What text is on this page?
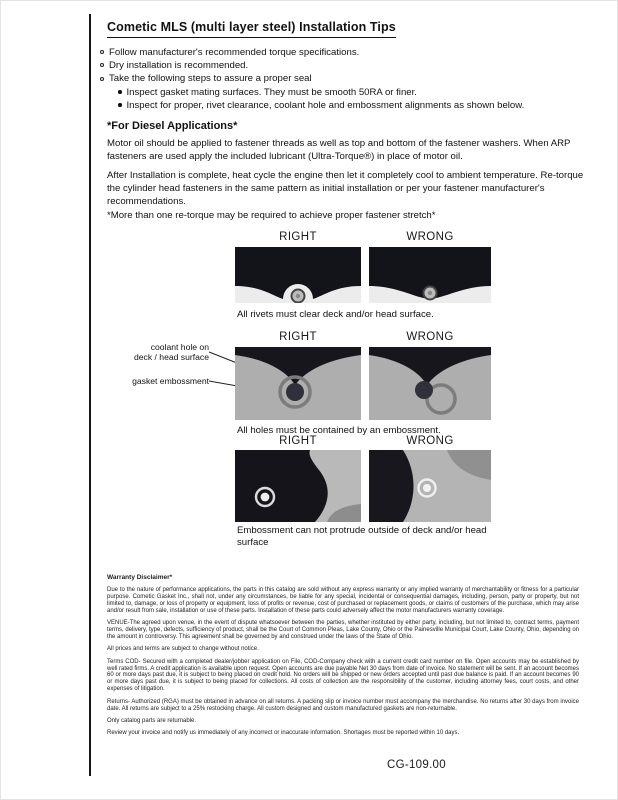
Cometic MLS (multi layer steel) Installation Tips
Follow manufacturer's recommended torque specifications.
Dry installation is recommended.
Take the following steps to assure a proper seal
Inspect gasket mating surfaces. They must be smooth 50RA or finer.
Inspect for proper, rivet clearance, coolant hole and embossment alignments as shown below.
*For Diesel Applications*
Motor oil should be applied to fastener threads as well as top and bottom of the fastener washers. When ARP fasteners are used apply the included lubricant (Ultra-Torque®) in place of motor oil.
After Installation is complete, heat cycle the engine then let it completely cool to ambient temperature. Re-torque the cylinder head fasteners in the same pattern as initial installation or per your fastener manufacturer's recommendations.
*More than one re-torque may be required to achieve proper fastener stretch*
RIGHT	WRONG
All rivets must clear deck and/or head surface.
RIGHT	WRONG
coolant hole on
deck / head surface
gasket embossment
All holes must be contained by an embossment.
RIGHT	WRONG
Embossment can not protrude outside of deck and/or head surface
Warranty Disclaimer*

Due to the nature of performance applications, the parts in this catalog are sold without any express warranty or any implied warranty of merchantability or fitness for a particular purpose. Cometic Gasket Inc., shall not, under any circumstances, be liable for any special, incidental or consequential damages, including, person, party or property, but not limited to, damage, or loss of property or equipment, loss of profits or revenue, cost of purchased or replacement goods, or claims of customers of the purchase, which may arise and/or result from sale, installation or use of these parts. Installation of these parts could adversely affect the motor manufacturers warranty coverage.

VENUE-The agreed upon venue, in the event of dispute whatsoever between the parties, whether instituted by either party, including, but not limited to, contract terms, payment terms, delivery, type, defects, sufficiency of product, shall be the Court of Common Pleas, Lake County, Ohio or the Painesville Municipal Court, Lake County, Ohio, depending on the amount in controversy. This agreement shall be governed by and construed under the laws of the State of Ohio.

All prices and terms are subject to change without notice.

Terms COD- Secured with a completed dealer/jobber application on File, COD-Company check with a current credit card number on file. Open accounts may be established by well rated firms. A credit application is available upon request. Open accounts are due payable Net 30 days from date of invoice. No statement will be sent. If an account becomes 60 or more days past due, it is subject to being placed on credit hold. No orders will be shipped or new orders accepted until past due balance is paid. If an account becomes 90 or more days past due, it is subject to being placed for collections. All costs of collection are the responsibility of the customer, including attorney fees, court costs, and other expenses of litigation.

Returns- Authorized (RGA) must be obtained in advance on all returns. A packing slip or invoice number must accompany the merchandise. No returns after 30 days from invoice date. All returns are subject to a 25% restocking charge. All custom designed and custom manufactured gaskets are non-returnable.

Only catalog parts are returnable.

Review your invoice and notify us immediately of any incorrect or inaccurate information. Shortages must be reported within 10 days.

CG-109.00
